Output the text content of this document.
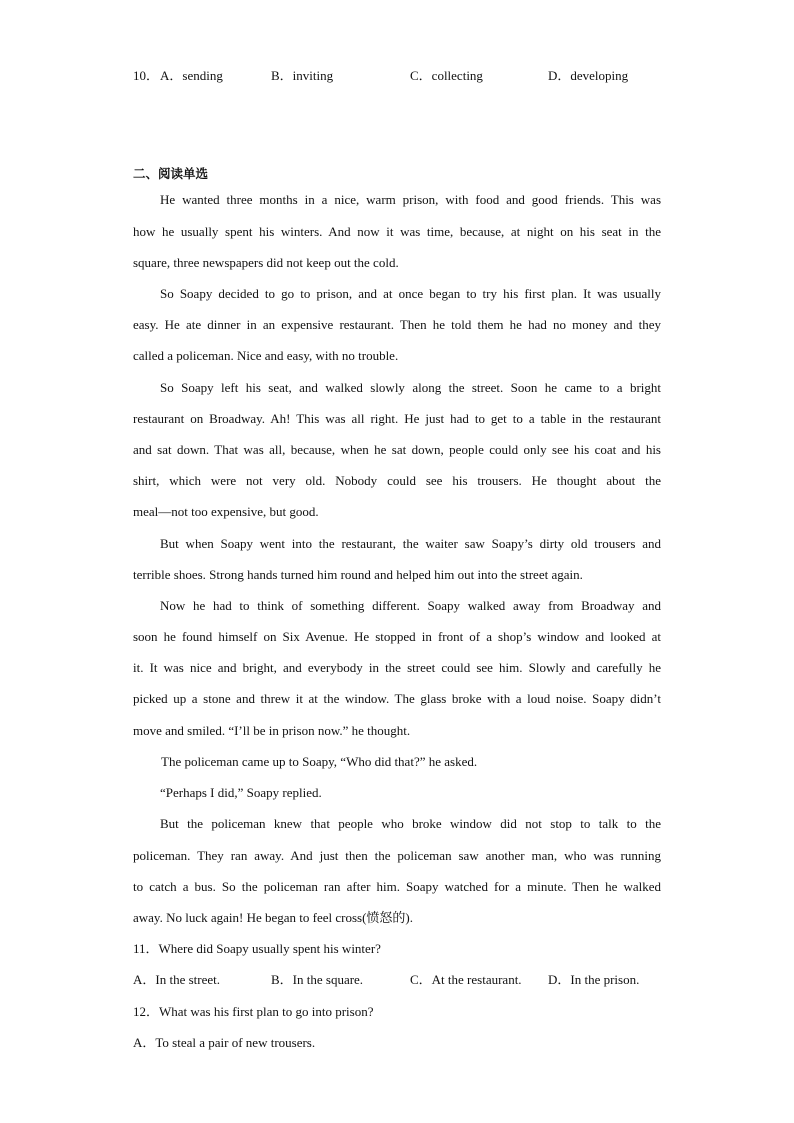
10． A．sending	B．inviting	C．collecting	D．developing
二、阅读单选
He wanted three months in a nice, warm prison, with food and good friends. This was
how he usually spent his winters. And now it was time, because, at night on his seat in the
square, three newspapers did not keep out the cold.
So Soapy decided to go to prison, and at once began to try his first plan. It was usually
easy. He ate dinner in an expensive restaurant. Then he told them he had no money and they
called a policeman. Nice and easy, with no trouble.
So Soapy left his seat, and walked slowly along the street. Soon he came to a bright
restaurant on Broadway. Ah! This was all right. He just had to get to a table in the restaurant
and sat down. That was all, because, when he sat down, people could only see his coat and his
shirt, which were not very old. Nobody could see his trousers. He thought about the
meal—not too expensive, but good.
But when Soapy went into the restaurant, the waiter saw Soapy’s dirty old trousers and
terrible shoes. Strong hands turned him round and helped him out into the street again.
Now he had to think of something different. Soapy walked away from Broadway and
soon he found himself on Six Avenue. He stopped in front of a shop’s window and looked at
it. It was nice and bright, and everybody in the street could see him. Slowly and carefully he
picked up a stone and threw it at the window. The glass broke with a loud noise. Soapy didn’t
move and smiled. “I’ll be in prison now.” he thought.
The policeman came up to Soapy, “Who did that?” he asked.
“Perhaps I did,” Soapy replied.
But the policeman knew that people who broke window did not stop to talk to the
policeman. They ran away. And just then the policeman saw another man, who was running
to catch a bus. So the policeman ran after him. Soapy watched for a minute. Then he walked
away. No luck again! He began to feel cross(愤怒的).
11．Where did Soapy usually spent his winter?
A．In the street.	B．In the square.	C．At the restaurant. D．In the prison.
12．What was his first plan to go into prison?
A．To steal a pair of new trousers.
